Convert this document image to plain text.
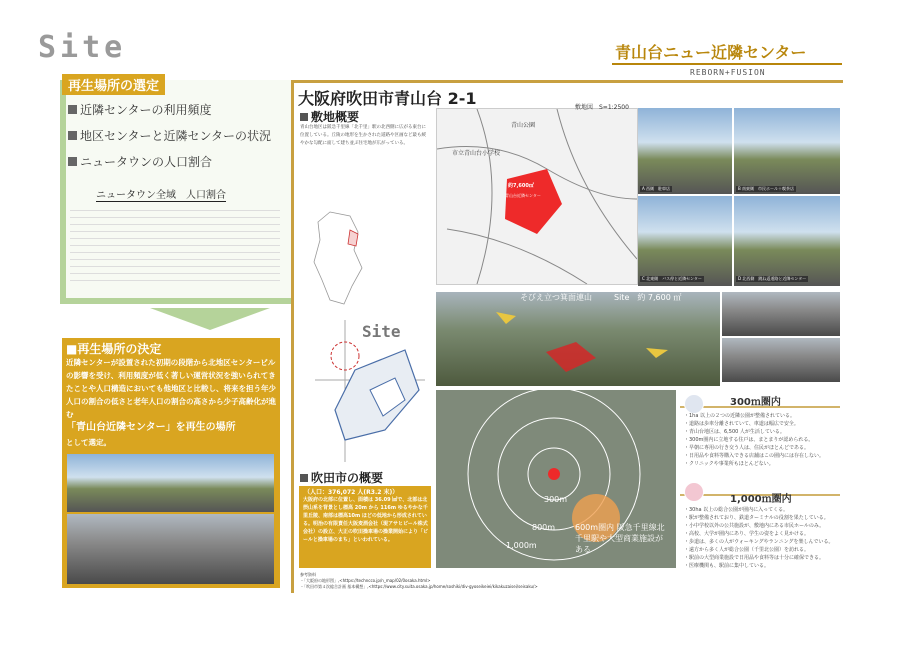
Site	青山台ニュー近隣センター
REBORN+FUSION
再生場所の選定
近隣センターの利用頻度
地区センターと近隣センターの状況
ニュータウンの人口割合
ニュータウン全域　人口割合

■再生場所の決定
近隣センターが設置された初期の段階から北地区センタービルの影響を受け、利用頻度が低く著しい運営状況を強いられてきたことや人口構造においても他地区と比較し、将来を担う年少人口の割合の低さと老年人口の割合の高さから少子高齢化が進む
「青山台近隣センター」を再生の場所
として選定。
大阪府吹田市青山台 2-1
敷地概要
青山台地区は阪急千里線「北千里」駅の北西側に広がる東台に位置している。丘陵の地形を生かされた道路や区画など最も緩やかな勾配に面して建ち並ぶ住宅地が広がっている。
Site
敷地図　S=1:2500
青山公園
市立青山台小学校
約7,600㎡
青山台近隣センター
A 西側　駐車店	B 南東側　市民ホール＋喫茶店
C 北東側　バス停と近隣センター	D 北西側　跳ね返道路と近隣センター
そびえ立つ箕面連山	Site　約 7,600 ㎡
300m
800m
1,000m
600m圏内 阪急千里線北千里駅や大型商業施設がある
300ｍ圏内
・1ha 以上の２つの近隣公園が整備されている。
・道路は歩車分離されていて、車道は幅広で安全。
・青山台地区は、6,500 人が生活している。
・300m圏内に立地する住戸は、まとまりが認められる。
・早朝に専用の行き交う人は、住民がほとんどである。
・日用品や食料等購入できる店舗はこの圏内には存在しない。
・クリニックや事業所もほとんどない。
1,000ｍ圏内
・30ha 以上の総合公園が圏内に入ってくる。
・駅が整備されており、鉄道ターミナルの役割を果たしている。
・小中学校以外の公共施設が、敷地内にある市民ホールのみ。
・高校、大学が圏内にあり、学生の姿をよく見かける。
・歩道は、多くの人がウォーキングやランニングを楽しんでいる。
・遠方から多く人が総合公園（千里北公園）を訪れる。
・駅前の大型商業施設で日用品や食料等は十分に確保できる。
・医療機関も、駅前に集中している。
吹田市の概要
（人口：376,072 人(R3.2 末)）
大阪府の北部に位置し、面積は 36.09 ㎢で、北部は北摂山系を背景とし標高 20m から 116m ゆるやかな千里丘陵、南部は標高10m ほどの低地から形成されている。明治の有限責任大阪麦酒会社（現アサヒビール株式会社）の設立、大正の吹田操車場の操業開始により「ビールと操車場のまち」といわれている。
参考資料
・「大阪府の地形図」,<https://techncco.jp/n_map/02/0osaka.html>
・「吹田市第４次総合計画 基本構想」,<https://www.city.suita.osaka.jp/home/soshiki/div-gyoseikeiei/kikakuzaisei/seisaku/>
